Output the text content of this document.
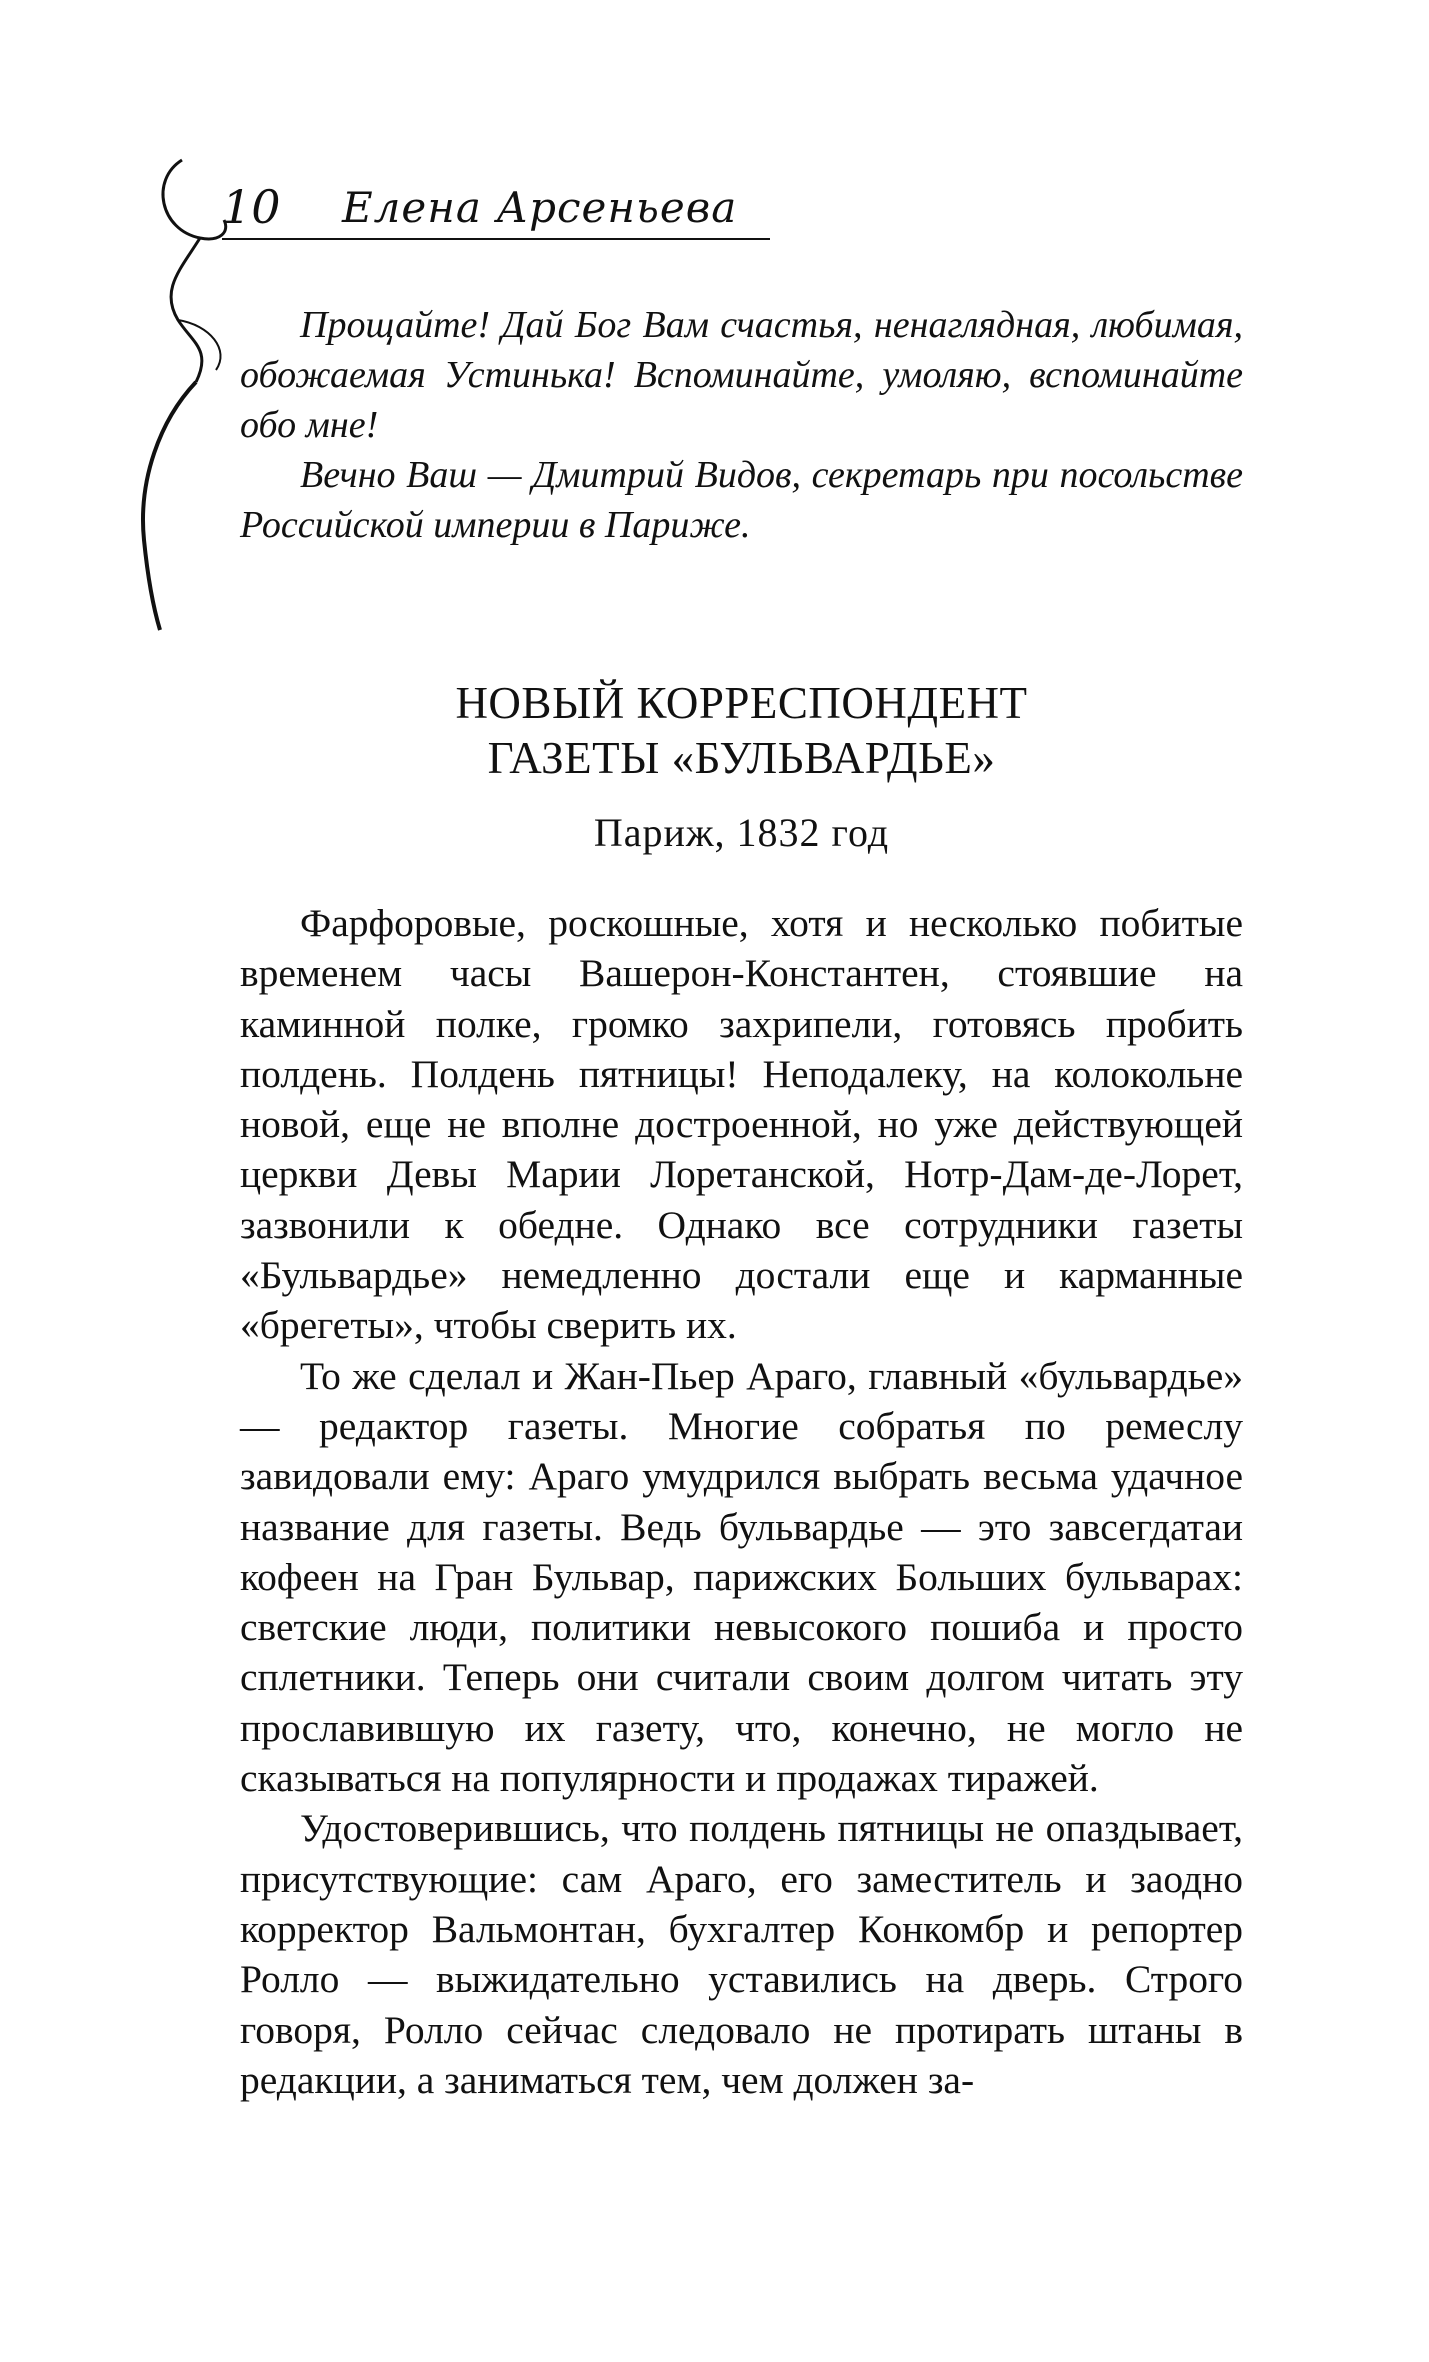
10 Елена Арсеньева

Прощайте! Дай Бог Вам счастья, ненаглядная, любимая, обожаемая Устинька! Вспоминайте, умоляю, вспоминайте обо мне!

Вечно Ваш — Дмитрий Видов, секретарь при посольстве Российской империи в Париже.

НОВЫЙ КОРРЕСПОНДЕНТ
ГАЗЕТЫ «БУЛЬВАРДЬЕ»
Париж, 1832 год

Фарфоровые, роскошные, хотя и несколько побитые временем часы Вашерон-Константен, стоявшие на каминной полке, громко захрипели, готовясь пробить полдень. Полдень пятницы! Неподалеку, на колокольне новой, еще не вполне достроенной, но уже действующей церкви Девы Марии Лоретанской, Нотр-Дам-де-Лорет, зазвонили к обедне. Однако все сотрудники газеты «Бульвардье» немедленно достали еще и карманные «брегеты», чтобы сверить их.

То же сделал и Жан-Пьер Араго, главный «бульвардье» — редактор газеты. Многие собратья по ремеслу завидовали ему: Араго умудрился выбрать весьма удачное название для газеты. Ведь бульвардье — это завсегдатаи кофеен на Гран Бульвар, парижских Больших бульварах: светские люди, политики невысокого пошиба и просто сплетники. Теперь они считали своим долгом читать эту прославившую их газету, что, конечно, не могло не сказываться на популярности и продажах тиражей.

Удостоверившись, что полдень пятницы не опаздывает, присутствующие: сам Араго, его заместитель и заодно корректор Вальмонтан, бухгалтер Конкомбр и репортер Ролло — выжидательно уставились на дверь. Строго говоря, Ролло сейчас следовало не протирать штаны в редакции, а заниматься тем, чем должен за-
